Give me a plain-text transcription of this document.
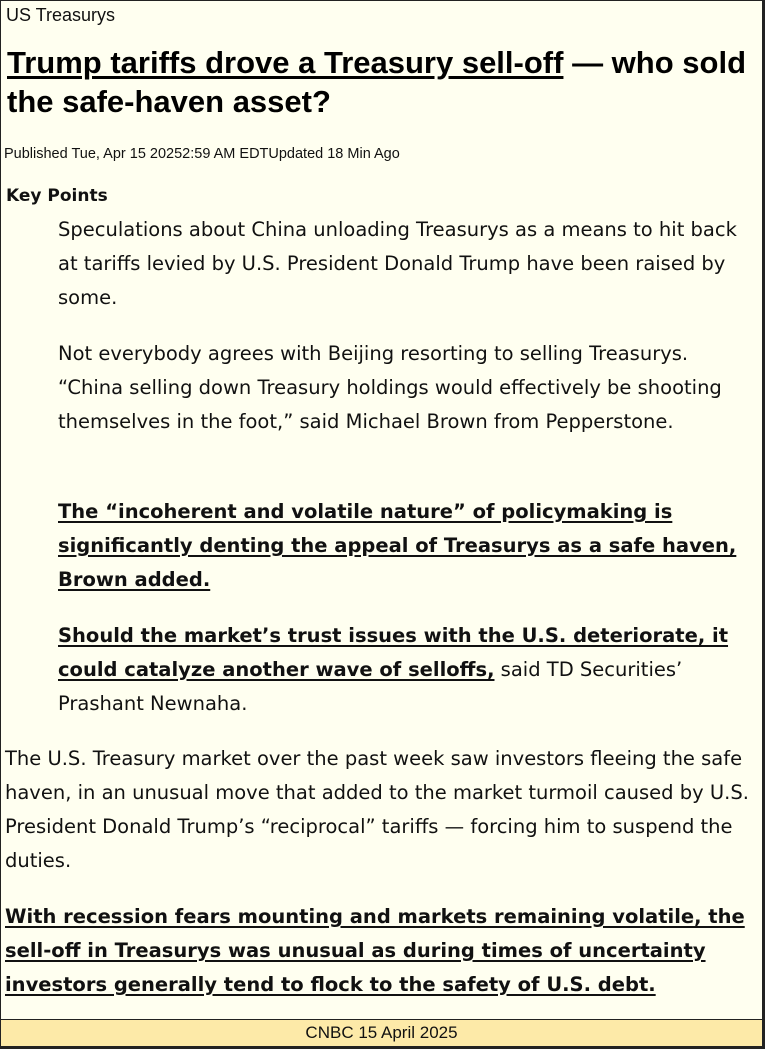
US Treasurys
Trump tariffs drove a Treasury sell-off — who sold the safe-haven asset?
Published Tue, Apr 15 20252:59 AM EDTUpdated 18 Min Ago
Key Points

Speculations about China unloading Treasurys as a means to hit back at tariffs levied by U.S. President Donald Trump have been raised by some.

Not everybody agrees with Beijing resorting to selling Treasurys. “China selling down Treasury holdings would effectively be shooting themselves in the foot,” said Michael Brown from Pepperstone.

The “incoherent and volatile nature” of policymaking is significantly denting the appeal of Treasurys as a safe haven, Brown added.

Should the market’s trust issues with the U.S. deteriorate, it could catalyze another wave of selloffs, said TD Securities’ Prashant Newnaha.

The U.S. Treasury market over the past week saw investors fleeing the safe haven, in an unusual move that added to the market turmoil caused by U.S. President Donald Trump’s “reciprocal” tariffs — forcing him to suspend the duties.

With recession fears mounting and markets remaining volatile, the sell-off in Treasurys was unusual as during times of uncertainty investors generally tend to flock to the safety of U.S. debt.

CNBC 15 April 2025
